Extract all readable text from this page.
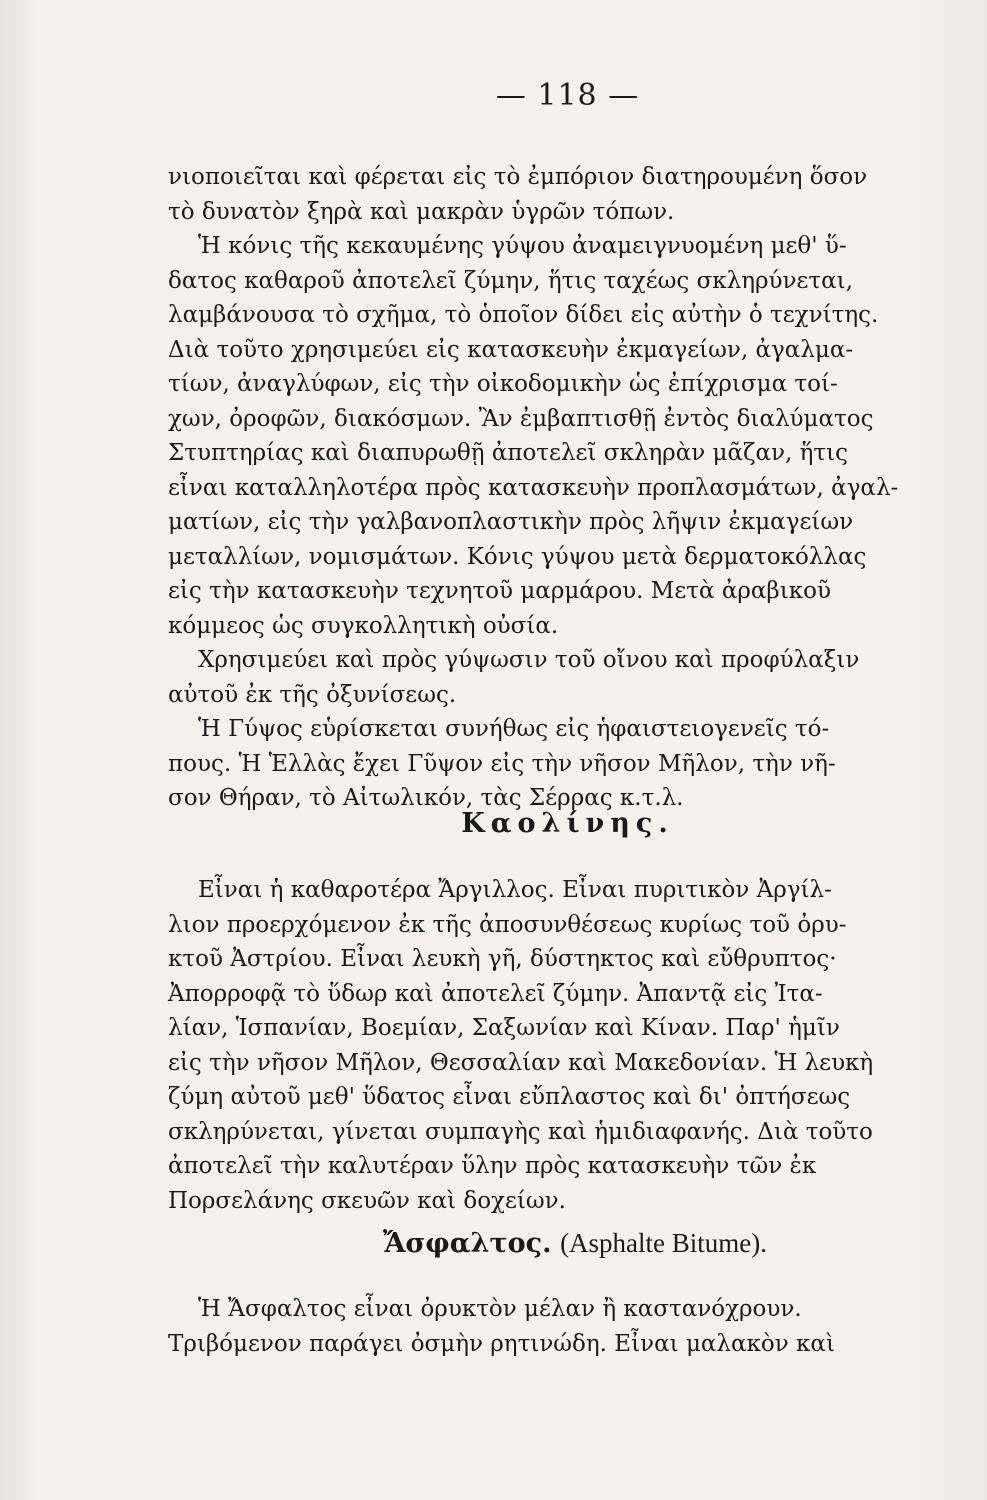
— 118 —
νιοποιεῖται καὶ φέρεται εἰς τὸ ἐμπόριον διατηρουμένη ὅσον
τὸ δυνατὸν ξηρὰ καὶ μακρὰν ὑγρῶν τόπων.
Ἡ κόνις τῆς κεκαυμένης γύψου ἀναμειγνυομένη μεθ' ὕ-
δατος καθαροῦ ἀποτελεῖ ζύμην, ἥτις ταχέως σκληρύνεται,
λαμβάνουσα τὸ σχῆμα, τὸ ὁποῖον δίδει εἰς αὐτὴν ὁ τεχνίτης.
Διὰ τοῦτο χρησιμεύει εἰς κατασκευὴν ἐκμαγείων, ἀγαλμα-
τίων, ἀναγλύφων, εἰς τὴν οἰκοδομικὴν ὡς ἐπίχρισμα τοί-
χων, ὀροφῶν, διακόσμων. Ἂν ἐμβαπτισθῇ ἐντὸς διαλύματος
Στυπτηρίας καὶ διαπυρωθῇ ἀποτελεῖ σκληρὰν μᾶζαν, ἥτις
εἶναι καταλληλοτέρα πρὸς κατασκευὴν προπλασμάτων, ἀγαλ-
ματίων, εἰς τὴν γαλβανοπλαστικὴν πρὸς λῆψιν ἐκμαγείων
μεταλλίων, νομισμάτων. Κόνις γύψου μετὰ δερματοκόλλας
εἰς τὴν κατασκευὴν τεχνητοῦ μαρμάρου. Μετὰ ἀραβικοῦ
κόμμεος ὡς συγκολλητικὴ οὐσία.
Χρησιμεύει καὶ πρὸς γύψωσιν τοῦ οἴνου καὶ προφύλαξιν
αὐτοῦ ἐκ τῆς ὀξυνίσεως.
Ἡ Γύψος εὑρίσκεται συνήθως εἰς ἡφαιστειογενεῖς τό-
πους. Ἡ Ἑλλὰς ἔχει Γῦψον εἰς τὴν νῆσον Μῆλον, τὴν νῆ-
σον Θήραν, τὸ Αἰτωλικόν, τὰς Σέρρας κ.τ.λ.
Καολίνης.
Εἶναι ἡ καθαροτέρα Ἄργιλλος. Εἶναι πυριτικὸν Ἀργίλ-
λιον προερχόμενον ἐκ τῆς ἀποσυνθέσεως κυρίως τοῦ ὀρυ-
κτοῦ Ἀστρίου. Εἶναι λευκὴ γῆ, δύστηκτος καὶ εὔθρυπτος·
Ἀπορροφᾷ τὸ ὕδωρ καὶ ἀποτελεῖ ζύμην. Ἀπαντᾷ εἰς Ἰτα-
λίαν, Ἱσπανίαν, Βοεμίαν, Σαξωνίαν καὶ Κίναν. Παρ' ἡμῖν
εἰς τὴν νῆσον Μῆλον, Θεσσαλίαν καὶ Μακεδονίαν. Ἡ λευκὴ
ζύμη αὐτοῦ μεθ' ὕδατος εἶναι εὔπλαστος καὶ δι' ὀπτήσεως
σκληρύνεται, γίνεται συμπαγὴς καὶ ἡμιδιαφανής. Διὰ τοῦτο
ἀποτελεῖ τὴν καλυτέραν ὕλην πρὸς κατασκευὴν τῶν ἐκ
Πορσελάνης σκευῶν καὶ δοχείων.
Ἄσφαλτος. (Asphalte Bitume).
Ἡ Ἄσφαλτος εἶναι ὀρυκτὸν μέλαν ἢ καστανόχρουν.
Τριβόμενον παράγει ὀσμὴν ρητινώδη. Εἶναι μαλακὸν καὶ
